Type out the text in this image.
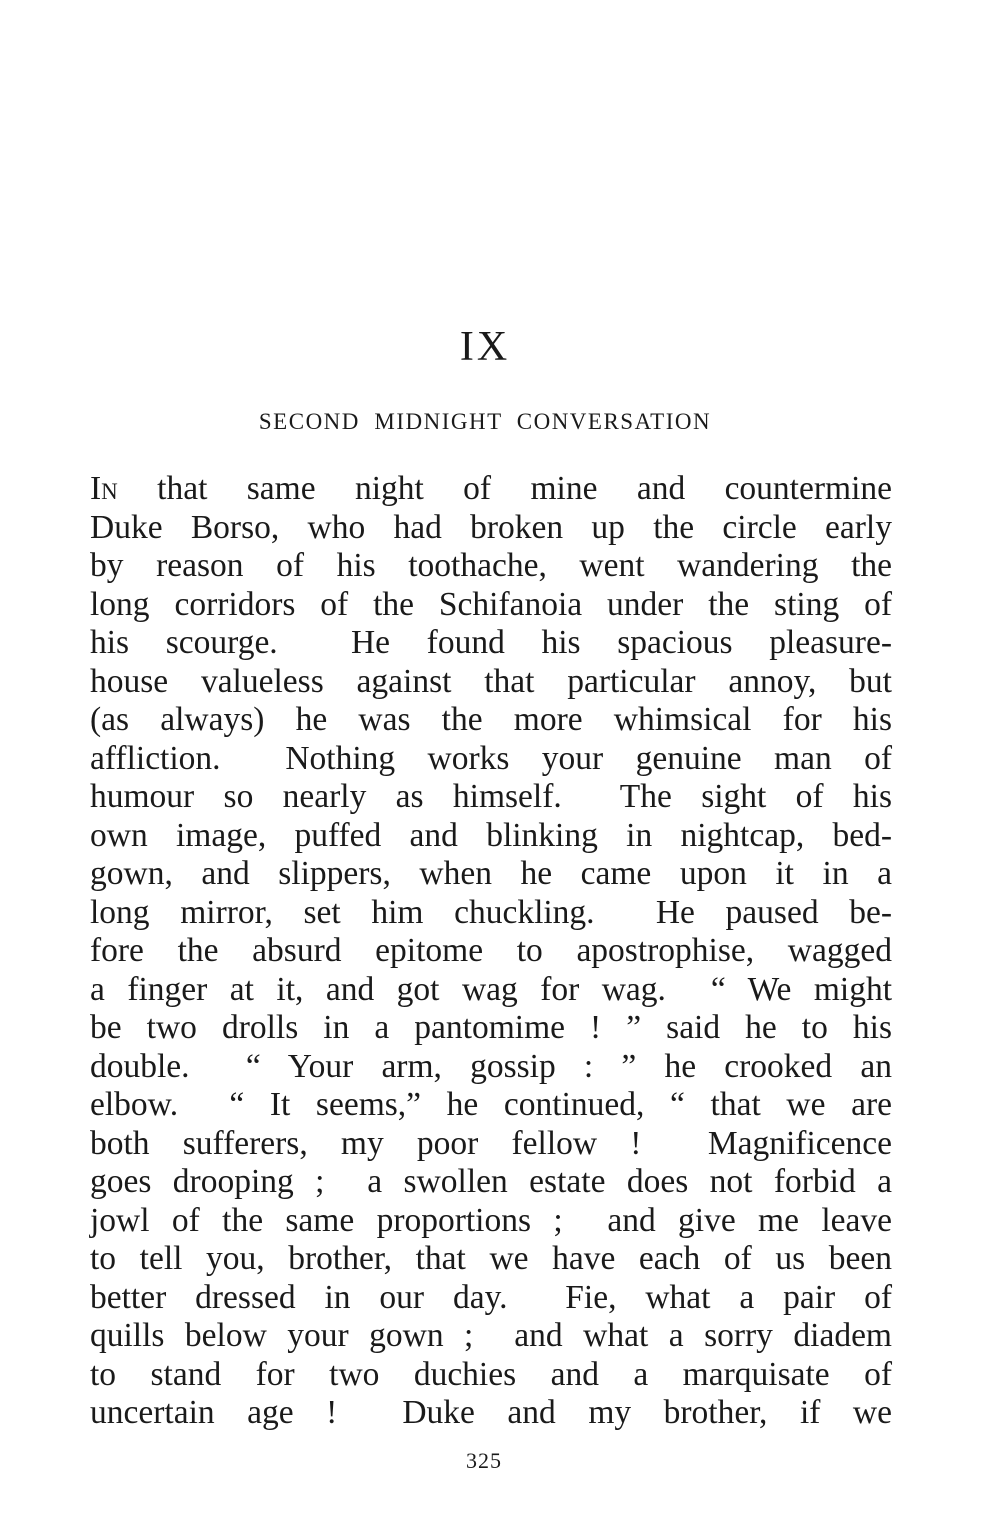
IX
SECOND  MIDNIGHT  CONVERSATION
In that same night of mine and countermine
Duke Borso, who had broken up the circle early
by reason of his toothache, went wandering the
long corridors of the Schifanoia under the sting of
his scourge.  He found his spacious pleasure-
house valueless against that particular annoy, but
(as always) he was the more whimsical for his
affliction.  Nothing works your genuine man of
humour so nearly as himself.  The sight of his
own image, puffed and blinking in nightcap, bed-
gown, and slippers, when he came upon it in a
long mirror, set him chuckling.  He paused be-
fore the absurd epitome to apostrophise, wagged
a finger at it, and got wag for wag.  “ We might
be two drolls in a pantomime ! ” said he to his
double.  “ Your arm, gossip : ” he crooked an
elbow.  “ It seems,” he continued, “ that we are
both sufferers, my poor fellow !  Magnificence
goes drooping ;  a swollen estate does not forbid a
jowl of the same proportions ;  and give me leave
to tell you, brother, that we have each of us been
better dressed in our day.  Fie, what a pair of
quills below your gown ;  and what a sorry diadem
to stand for two duchies and a marquisate of
uncertain age !  Duke and my brother, if we
325
